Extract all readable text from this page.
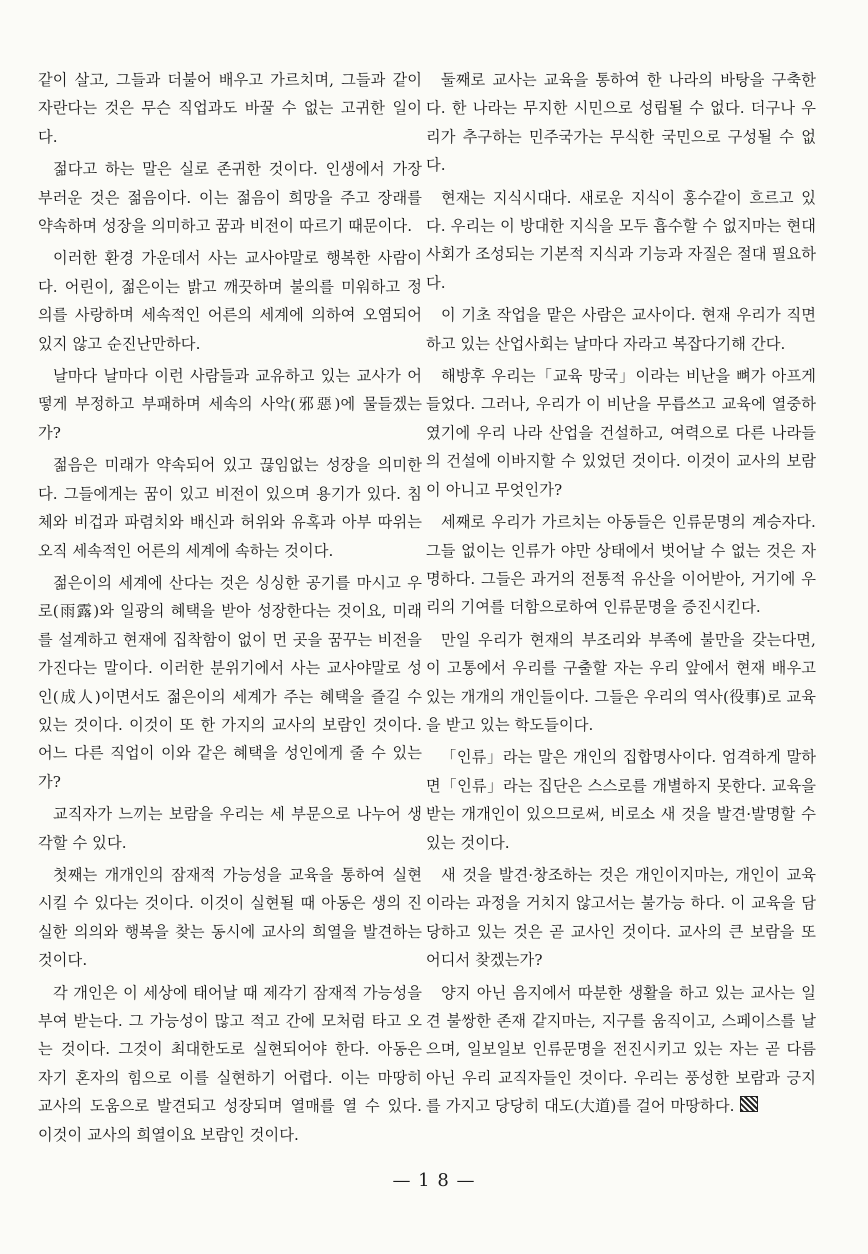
같이 살고, 그들과 더불어 배우고 가르치며, 그들과 같이 자란다는 것은 무슨 직업과도 바꿀 수 없는 고귀한 일이다.

젊다고 하는 말은 실로 존귀한 것이다. 인생에서 가장 부러운 것은 젊음이다. 이는 젊음이 희망을 주고 장래를 약속하며 성장을 의미하고 꿈과 비전이 따르기 때문이다.

이러한 환경 가운데서 사는 교사야말로 행복한 사람이다. 어린이, 젊은이는 밝고 깨끗하며 불의를 미워하고 정의를 사랑하며 세속적인 어른의 세계에 의하여 오염되어 있지 않고 순진난만하다.

날마다 날마다 이런 사람들과 교유하고 있는 교사가 어떻게 부정하고 부패하며 세속의 사악(邪惡)에 물들겠는가?

젊음은 미래가 약속되어 있고 끊임없는 성장을 의미한다. 그들에게는 꿈이 있고 비전이 있으며 용기가 있다. 침체와 비겁과 파렴치와 배신과 허위와 유혹과 아부 따위는 오직 세속적인 어른의 세계에 속하는 것이다.

젊은이의 세계에 산다는 것은 싱싱한 공기를 마시고 우로(雨露)와 일광의 혜택을 받아 성장한다는 것이요, 미래를 설계하고 현재에 집착함이 없이 먼 곳을 꿈꾸는 비전을 가진다는 말이다. 이러한 분위기에서 사는 교사야말로 성인(成人)이면서도 젊은이의 세계가 주는 혜택을 즐길 수 있는 것이다. 이것이 또 한 가지의 교사의 보람인 것이다. 어느 다른 직업이 이와 같은 혜택을 성인에게 줄 수 있는가?

교직자가 느끼는 보람을 우리는 세 부문으로 나누어 생각할 수 있다.

첫째는 개개인의 잠재적 가능성을 교육을 통하여 실현시킬 수 있다는 것이다. 이것이 실현될 때 아동은 생의 진실한 의의와 행복을 찾는 동시에 교사의 희열을 발견하는 것이다.

각 개인은 이 세상에 태어날 때 제각기 잠재적 가능성을 부여 받는다. 그 가능성이 많고 적고 간에 모처럼 타고 오는 것이다. 그것이 최대한도로 실현되어야 한다. 아동은 자기 혼자의 힘으로 이를 실현하기 어렵다. 이는 마땅히 교사의 도움으로 발견되고 성장되며 열매를 열 수 있다. 이것이 교사의 희열이요 보람인 것이다.

둘째로 교사는 교육을 통하여 한 나라의 바탕을 구축한다. 한 나라는 무지한 시민으로 성립될 수 없다. 더구나 우리가 추구하는 민주국가는 무식한 국민으로 구성될 수 없다.

현재는 지식시대다. 새로운 지식이 홍수같이 흐르고 있다. 우리는 이 방대한 지식을 모두 흡수할 수 없지마는 현대사회가 조성되는 기본적 지식과 기능과 자질은 절대 필요하다.

이 기초 작업을 맡은 사람은 교사이다. 현재 우리가 직면하고 있는 산업사회는 날마다 자라고 복잡다기해 간다.

해방후 우리는「교육 망국」이라는 비난을 뼈가 아프게 들었다. 그러나, 우리가 이 비난을 무릅쓰고 교육에 열중하였기에 우리 나라 산업을 건설하고, 여력으로 다른 나라들의 건설에 이바지할 수 있었던 것이다. 이것이 교사의 보람이 아니고 무엇인가?

세째로 우리가 가르치는 아동들은 인류문명의 계승자다. 그들 없이는 인류가 야만 상태에서 벗어날 수 없는 것은 자명하다. 그들은 과거의 전통적 유산을 이어받아, 거기에 우리의 기여를 더함으로하여 인류문명을 증진시킨다.

만일 우리가 현재의 부조리와 부족에 불만을 갖는다면, 이 고통에서 우리를 구출할 자는 우리 앞에서 현재 배우고 있는 개개의 개인들이다. 그들은 우리의 역사(役事)로 교육을 받고 있는 학도들이다.

「인류」라는 말은 개인의 집합명사이다. 엄격하게 말하면「인류」라는 집단은 스스로를 개별하지 못한다. 교육을 받는 개개인이 있으므로써, 비로소 새 것을 발견·발명할 수 있는 것이다.

새 것을 발견·창조하는 것은 개인이지마는, 개인이 교육이라는 과정을 거치지 않고서는 불가능 하다. 이 교육을 담당하고 있는 것은 곧 교사인 것이다. 교사의 큰 보람을 또 어디서 찾겠는가?

양지 아닌 음지에서 따분한 생활을 하고 있는 교사는 일견 불쌍한 존재 같지마는, 지구를 움직이고, 스페이스를 날으며, 일보일보 인류문명을 전진시키고 있는 자는 곧 다름아닌 우리 교직자들인 것이다. 우리는 풍성한 보람과 긍지를 가지고 당당히 대도(大道)를 걸어 마땅하다.

— 1 8 —
